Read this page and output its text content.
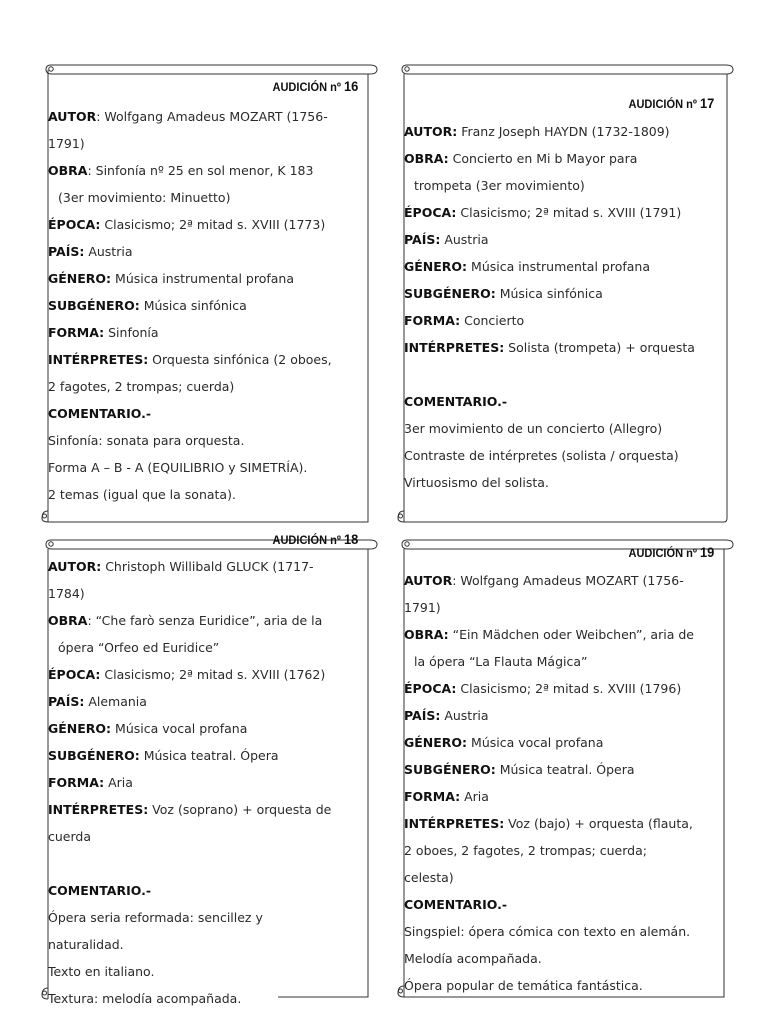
AUDICIÓN nº 16
AUTOR: Wolfgang Amadeus MOZART (1756-
1791)
OBRA: Sinfonía nº 25 en sol menor, K 183
(3er movimiento: Minuetto)
ÉPOCA: Clasicismo; 2ª mitad s. XVIII (1773)
PAÍS: Austria
GÉNERO: Música instrumental profana
SUBGÉNERO: Música sinfónica
FORMA: Sinfonía
INTÉRPRETES: Orquesta sinfónica (2 oboes,
2 fagotes, 2 trompas; cuerda)
COMENTARIO.-
Sinfonía: sonata para orquesta.
Forma A – B - A (EQUILIBRIO y SIMETRÍA).
2 temas (igual que la sonata).
AUDICIÓN nº 17
AUTOR: Franz Joseph HAYDN (1732-1809)
OBRA: Concierto en Mi b Mayor para
trompeta (3er movimiento)
ÉPOCA: Clasicismo; 2ª mitad s. XVIII (1791)
PAÍS: Austria
GÉNERO: Música instrumental profana
SUBGÉNERO: Música sinfónica
FORMA: Concierto
INTÉRPRETES: Solista (trompeta) + orquesta

COMENTARIO.-
3er movimiento de un concierto (Allegro)
Contraste de intérpretes (solista / orquesta)
Virtuosismo del solista.
AUDICIÓN nº 18
AUTOR: Christoph Willibald GLUCK (1717-
1784)
OBRA: “Che farò senza Euridice”, aria de la
ópera “Orfeo ed Euridice”
ÉPOCA: Clasicismo; 2ª mitad s. XVIII (1762)
PAÍS: Alemania
GÉNERO: Música vocal profana
SUBGÉNERO: Música teatral. Ópera
FORMA: Aria
INTÉRPRETES: Voz (soprano) + orquesta de
cuerda

COMENTARIO.-
Ópera seria reformada: sencillez y
naturalidad.
Texto en italiano.
Textura: melodía acompañada.
AUDICIÓN nº 19
AUTOR: Wolfgang Amadeus MOZART (1756-
1791)
OBRA: “Ein Mädchen oder Weibchen”, aria de
la ópera “La Flauta Mágica”
ÉPOCA: Clasicismo; 2ª mitad s. XVIII (1796)
PAÍS: Austria
GÉNERO: Música vocal profana
SUBGÉNERO: Música teatral. Ópera
FORMA: Aria
INTÉRPRETES: Voz (bajo) + orquesta (flauta,
2 oboes, 2 fagotes, 2 trompas; cuerda;
celesta)
COMENTARIO.-
Singspiel: ópera cómica con texto en alemán.
Melodía acompañada.
Ópera popular de temática fantástica.
